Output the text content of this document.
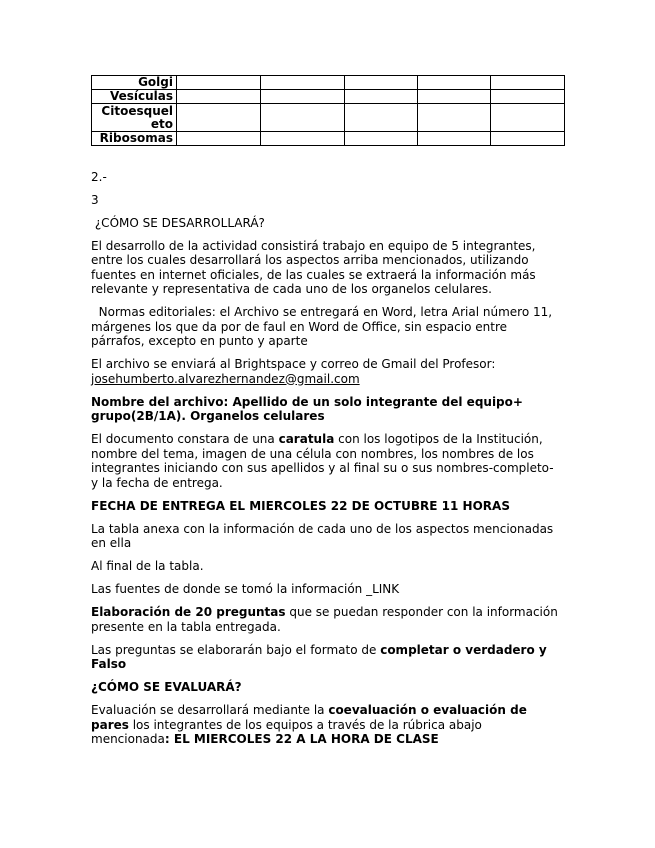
Golgi					
Vesículas					
Citoesqueleto					
Ribosomas					

2.-

3

¿CÓMO SE DESARROLLARÁ?

El desarrollo de la actividad consistirá trabajo en equipo de 5 integrantes, entre los cuales desarrollará los aspectos arriba mencionados, utilizando fuentes en internet oficiales, de las cuales se extraerá la información más relevante y representativa de cada uno de los organelos celulares.

Normas editoriales: el Archivo se entregará en Word, letra Arial número 11, márgenes los que da por de faul en Word de Office, sin espacio entre párrafos, excepto en punto y aparte

El archivo se enviará al Brightspace y correo de Gmail del Profesor:
josehumberto.alvarezhernandez@gmail.com

Nombre del archivo: Apellido de un solo integrante del equipo+ grupo(2B/1A). Organelos celulares

El documento constara de una caratula con los logotipos de la Institución, nombre del tema, imagen de una célula con nombres, los nombres de los integrantes iniciando con sus apellidos y al final su o sus nombres-completo- y la fecha de entrega.

FECHA DE ENTREGA EL MIERCOLES 22 DE OCTUBRE 11 HORAS

La tabla anexa con la información de cada uno de los aspectos mencionadas en ella

Al final de la tabla.

Las fuentes de donde se tomó la información _LINK

Elaboración de 20 preguntas que se puedan responder con la información presente en la tabla entregada.

Las preguntas se elaborarán bajo el formato de completar o verdadero y Falso

¿CÓMO SE EVALUARÁ?

Evaluación se desarrollará mediante la coevaluación o evaluación de pares los integrantes de los equipos a través de la rúbrica abajo mencionada: EL MIERCOLES 22 A LA HORA DE CLASE
